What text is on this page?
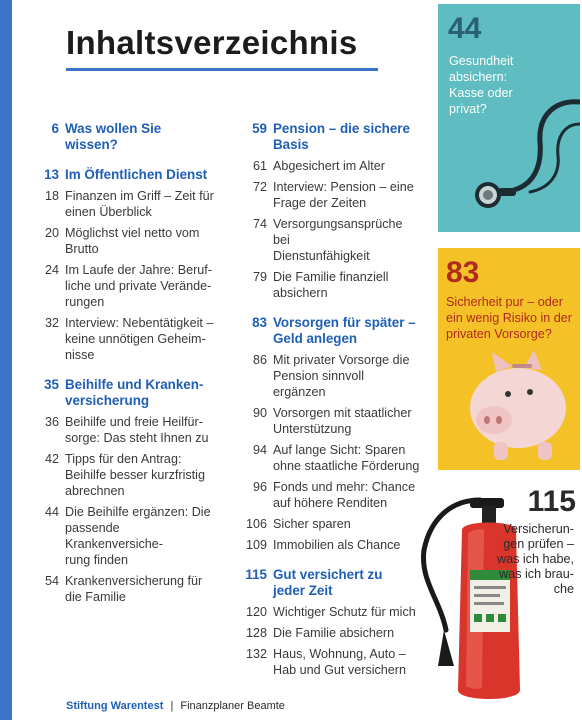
Inhaltsverzeichnis
6 Was wollen Sie
wissen?
13 Im Öffentlichen Dienst
18 Finanzen im Griff – Zeit für
einen Überblick
20 Möglichst viel netto vom
Brutto
24 Im Laufe der Jahre: Beruf-
liche und private Verände-
rungen
32 Interview: Nebentätigkeit –
keine unnötigen Geheim-
nisse
35 Beihilfe und Kranken-
versicherung
36 Beihilfe und freie Heilfür-
sorge: Das steht Ihnen zu
42 Tipps für den Antrag:
Beihilfe besser kurzfristig
abrechnen
44 Die Beihilfe ergänzen: Die
passende Krankenversiche-
rung finden
54 Krankenversicherung für
die Familie
59 Pension – die sichere
Basis
61 Abgesichert im Alter
72 Interview: Pension – eine
Frage der Zeiten
74 Versorgungsansprüche bei
Dienstunfähigkeit
79 Die Familie finanziell
absichern
83 Vorsorgen für später –
Geld anlegen
86 Mit privater Vorsorge die
Pension sinnvoll ergänzen
90 Vorsorgen mit staatlicher
Unterstützung
94 Auf lange Sicht: Sparen
ohne staatliche Förderung
96 Fonds und mehr: Chance
auf höhere Renditen
106 Sicher sparen
109 Immobilien als Chance
115 Gut versichert zu
jeder Zeit
120 Wichtiger Schutz für mich
128 Die Familie absichern
132 Haus, Wohnung, Auto –
Hab und Gut versichern
44
Gesundheit
absichern:
Kasse oder
privat?
83
Sicherheit pur – oder
ein wenig Risiko in der
privaten Vorsorge?
115
Versicherun-
gen prüfen –
was ich habe,
was ich brau-
che
Stiftung Warentest | Finanzplaner Beamte
